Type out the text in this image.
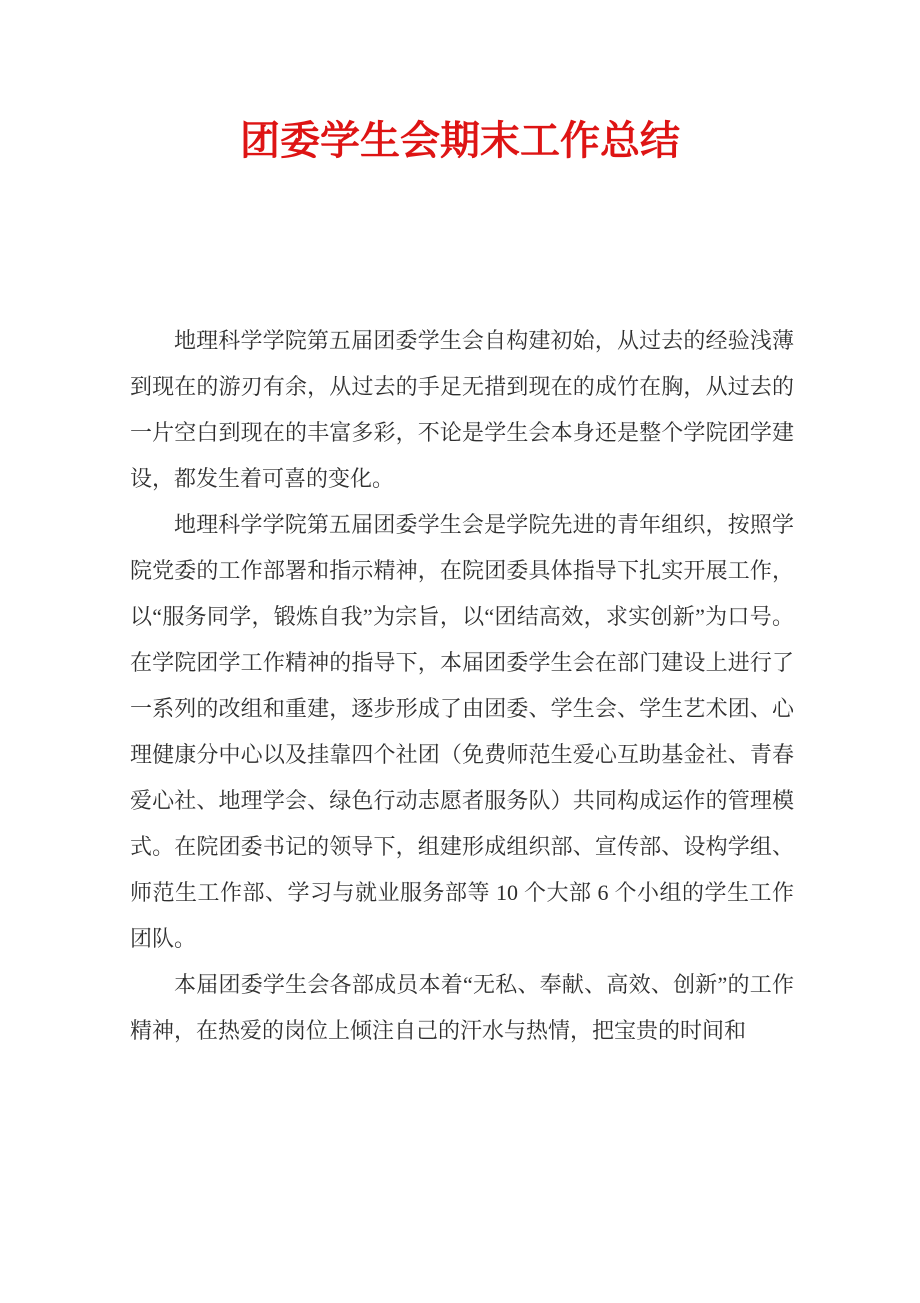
团委学生会期末工作总结

地理科学学院第五届团委学生会自构建初始，从过去的经验浅薄到现在的游刃有余，从过去的手足无措到现在的成竹在胸，从过去的一片空白到现在的丰富多彩，不论是学生会本身还是整个学院团学建设，都发生着可喜的变化。

地理科学学院第五届团委学生会是学院先进的青年组织，按照学院党委的工作部署和指示精神，在院团委具体指导下扎实开展工作，以“服务同学，锻炼自我”为宗旨，以“团结高效，求实创新”为口号。在学院团学工作精神的指导下，本届团委学生会在部门建设上进行了一系列的改组和重建，逐步形成了由团委、学生会、学生艺术团、心理健康分中心以及挂靠四个社团（免费师范生爱心互助基金社、青春爱心社、地理学会、绿色行动志愿者服务队）共同构成运作的管理模式。在院团委书记的领导下，组建形成组织部、宣传部、设构学组、师范生工作部、学习与就业服务部等 10 个大部 6 个小组的学生工作团队。

本届团委学生会各部成员本着“无私、奉献、高效、创新”的工作精神，在热爱的岗位上倾注自己的汗水与热情，把宝贵的时间和
